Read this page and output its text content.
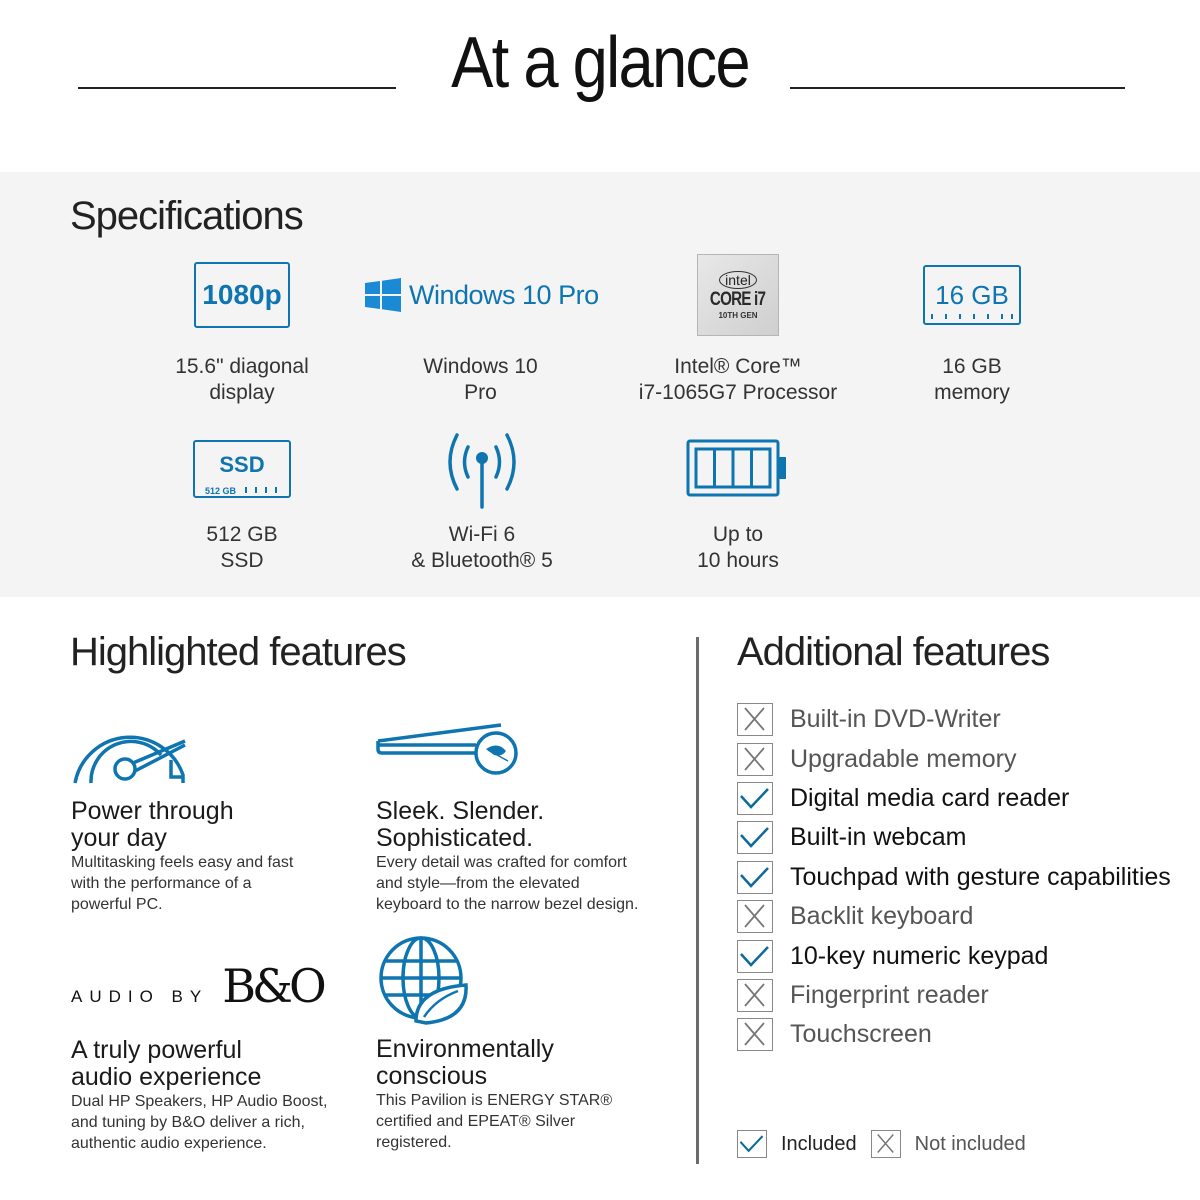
At a glance
Specifications
1080p
15.6" diagonal
display
Windows 10 Pro
Windows 10
Pro
intel
CORE i7
10TH GEN
Intel® Core™
i7-1065G7 Processor
16 GB
16 GB
memory
SSD
512 GB
512 GB
SSD
Wi-Fi 6
& Bluetooth® 5
Up to
10 hours
Highlighted features
Power through
your day
Multitasking feels easy and fast
with the performance of a
powerful PC.
Sleek. Slender.
Sophisticated.
Every detail was crafted for comfort
and style—from the elevated
keyboard to the narrow bezel design.
AUDIO BY B&O
A truly powerful
audio experience
Dual HP Speakers, HP Audio Boost,
and tuning by B&O deliver a rich,
authentic audio experience.
Environmentally
conscious
This Pavilion is ENERGY STAR®
certified and EPEAT® Silver
registered.
Additional features
Built-in DVD-Writer
Upgradable memory
Digital media card reader
Built-in webcam
Touchpad with gesture capabilities
Backlit keyboard
10-key numeric keypad
Fingerprint reader
Touchscreen
Included	Not included
